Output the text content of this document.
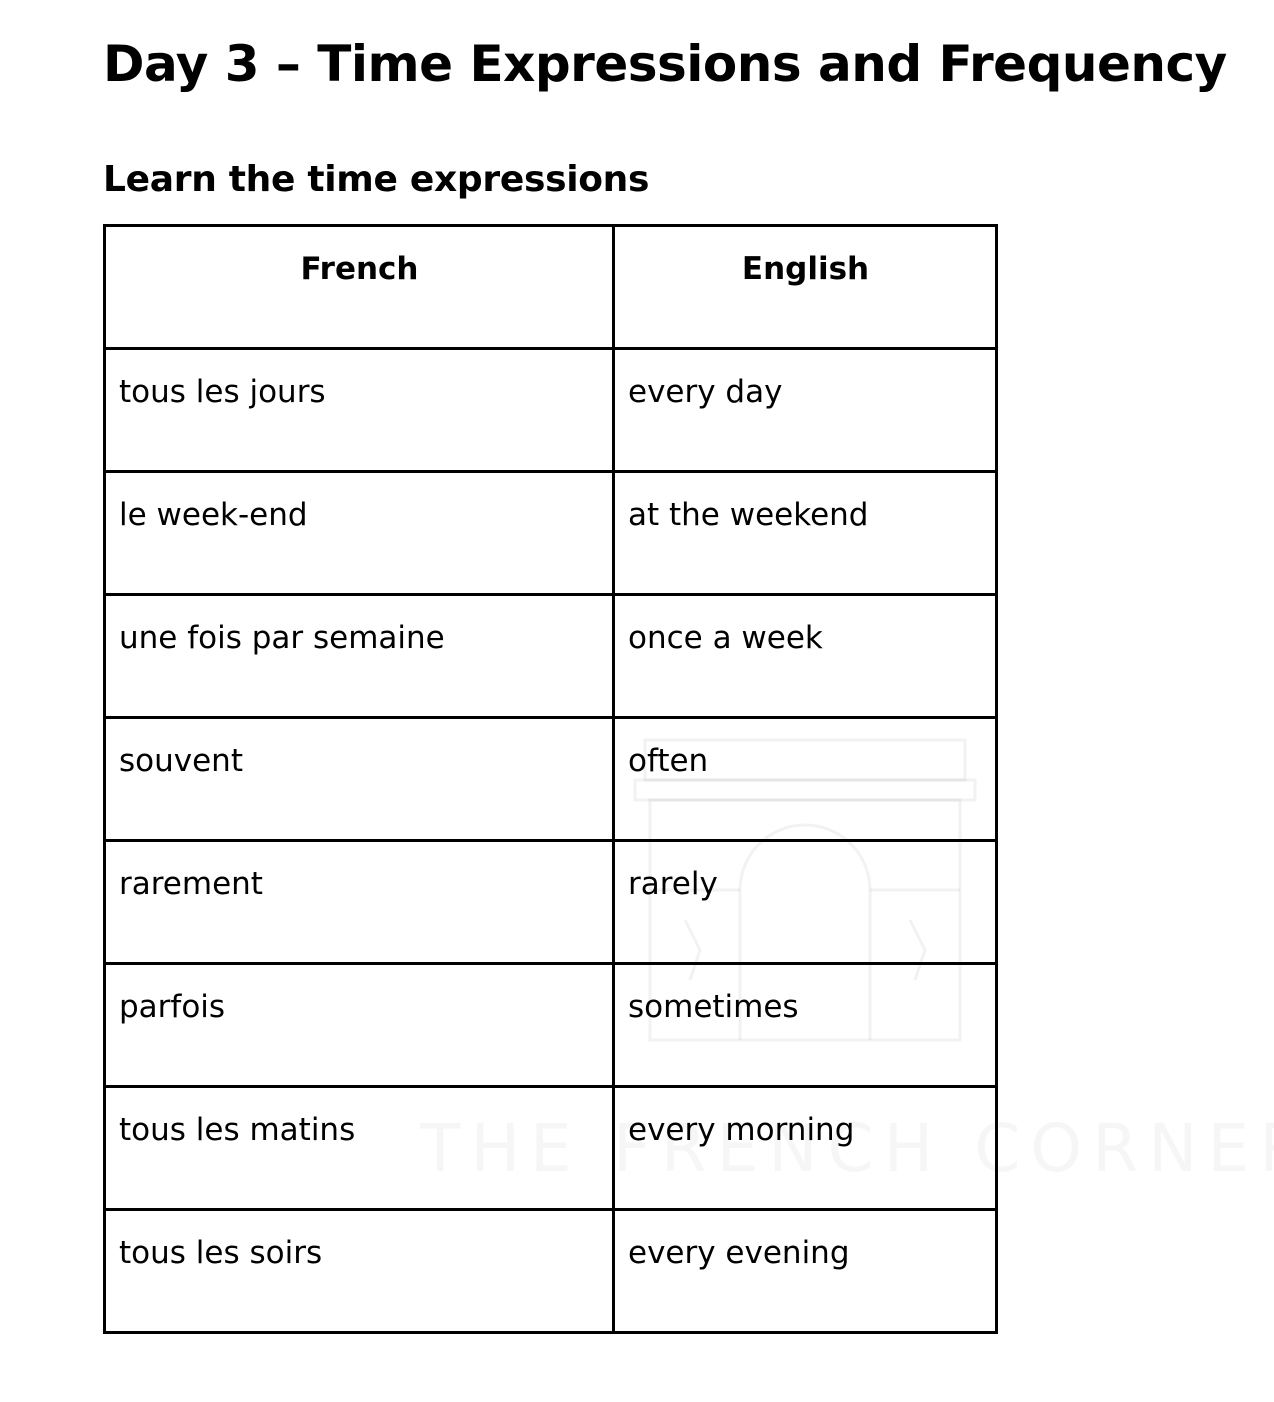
Day 3 – Time Expressions and Frequency
Learn the time expressions
French	English
tous les jours	every day
le week-end	at the weekend
une fois par semaine	once a week
souvent	often
rarement	rarely
parfois	sometimes
tous les matins	every morning
tous les soirs	every evening
